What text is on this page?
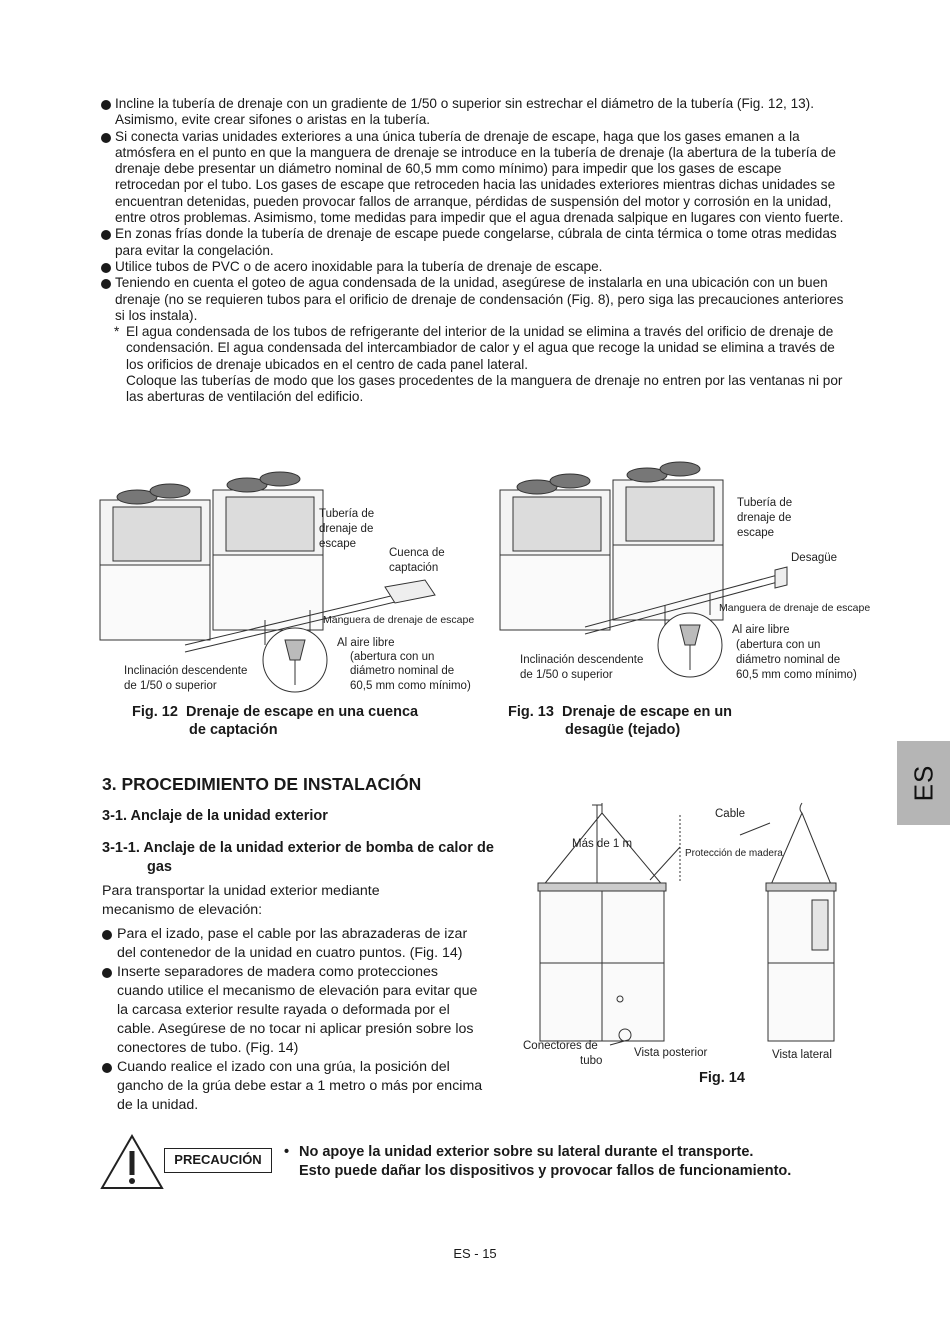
Incline la tubería de drenaje con un gradiente de 1/50 o superior sin estrechar el diámetro de la tubería (Fig. 12, 13). Asimismo, evite crear sifones o aristas en la tubería.
Si conecta varias unidades exteriores a una única tubería de drenaje de escape, haga que los gases emanen a la atmósfera en el punto en que la manguera de drenaje se introduce en la tubería de drenaje (la abertura de la tubería de drenaje debe presentar un diámetro nominal de 60,5 mm como mínimo) para impedir que los gases de escape retrocedan por el tubo. Los gases de escape que retroceden hacia las unidades exteriores mientras dichas unidades se encuentran detenidas, pueden provocar fallos de arranque, pérdidas de suspensión del motor y corrosión en la unidad, entre otros problemas. Asimismo, tome medidas para impedir que el agua drenada salpique en lugares con viento fuerte.
En zonas frías donde la tubería de drenaje de escape puede congelarse, cúbrala de cinta térmica o tome otras medidas para evitar la congelación.
Utilice tubos de PVC o de acero inoxidable para la tubería de drenaje de escape.
Teniendo en cuenta el goteo de agua condensada de la unidad, asegúrese de instalarla en una ubicación con un buen drenaje (no se requieren tubos para el orificio de drenaje de condensación (Fig. 8), pero siga las precauciones anteriores si los instala).
* El agua condensada de los tubos de refrigerante del interior de la unidad se elimina a través del orificio de drenaje de condensación. El agua condensada del intercambiador de calor y el agua que recoge la unidad se elimina a través de los orificios de drenaje ubicados en el centro de cada panel lateral.

Coloque las tuberías de modo que los gases procedentes de la manguera de drenaje no entren por las ventanas ni por las aberturas de ventilación del edificio.

Tubería de
drenaje de
escape
Cuenca de
captación
Manguera de drenaje de escape
Al aire libre
(abertura con un
diámetro nominal de
60,5 mm como mínimo)
Inclinación descendente
de 1/50 o superior
Fig. 12 Drenaje de escape en una cuenca
de captación
Tubería de
drenaje de
escape
Desagüe
Manguera de drenaje de escape
Al aire libre
(abertura con un
diámetro nominal de
60,5 mm como mínimo)
Inclinación descendente
de 1/50 o superior
Fig. 13 Drenaje de escape en un
desagüe (tejado)
ES
3. PROCEDIMIENTO DE INSTALACIÓN
3-1. Anclaje de la unidad exterior
3-1-1. Anclaje de la unidad exterior de bomba de calor de gas
Para transportar la unidad exterior mediante mecanismo de elevación:
Para el izado, pase el cable por las abrazaderas de izar del contenedor de la unidad en cuatro puntos. (Fig. 14)
Inserte separadores de madera como protecciones cuando utilice el mecanismo de elevación para evitar que la carcasa exterior resulte rayada o deformada por el cable. Asegúrese de no tocar ni aplicar presión sobre los conectores de tubo. (Fig. 14)
Cuando realice el izado con una grúa, la posición del gancho de la grúa debe estar a 1 metro o más por encima de la unidad.
Cable
Más de 1 m
Protección de madera
Conectores de
tubo
Vista posterior	Vista lateral
Fig. 14
PRECAUCIÓN	• No apoye la unidad exterior sobre su lateral durante el transporte.
Esto puede dañar los dispositivos y provocar fallos de funcionamiento.
ES - 15
